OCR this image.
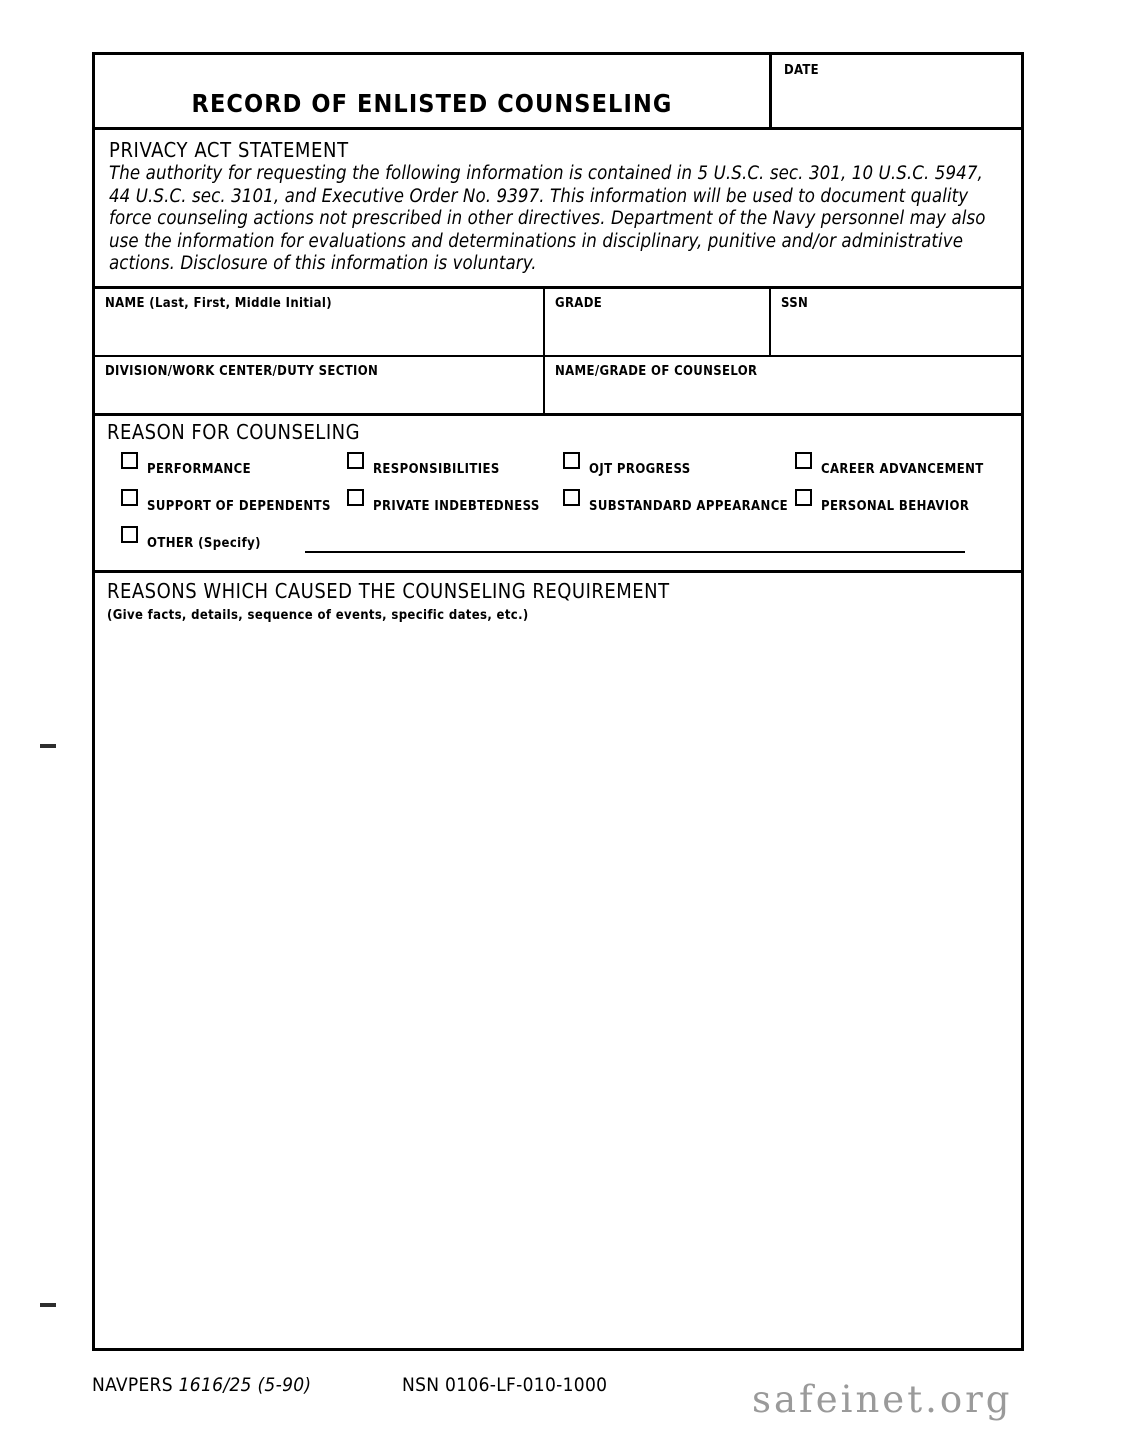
RECORD OF ENLISTED COUNSELING
DATE
PRIVACY ACT STATEMENT
The authority for requesting the following information is contained in 5 U.S.C. sec. 301, 10 U.S.C. 5947, 44 U.S.C. sec. 3101, and Executive Order No. 9397. This information will be used to document quality force counseling actions not prescribed in other directives. Department of the Navy personnel may also use the information for evaluations and determinations in disciplinary, punitive and/or administrative actions. Disclosure of this information is voluntary.
NAME (Last, First, Middle Initial)	GRADE	SSN
DIVISION/WORK CENTER/DUTY SECTION	NAME/GRADE OF COUNSELOR
REASON FOR COUNSELING
PERFORMANCE	RESPONSIBILITIES	OJT PROGRESS	CAREER ADVANCEMENT
SUPPORT OF DEPENDENTS	PRIVATE INDEBTEDNESS	SUBSTANDARD APPEARANCE	PERSONAL BEHAVIOR
OTHER (Specify)
REASONS WHICH CAUSED THE COUNSELING REQUIREMENT
(Give facts, details, sequence of events, specific dates, etc.)
NAVPERS 1616/25 (5-90)	NSN 0106-LF-010-1000	safeinet.org
